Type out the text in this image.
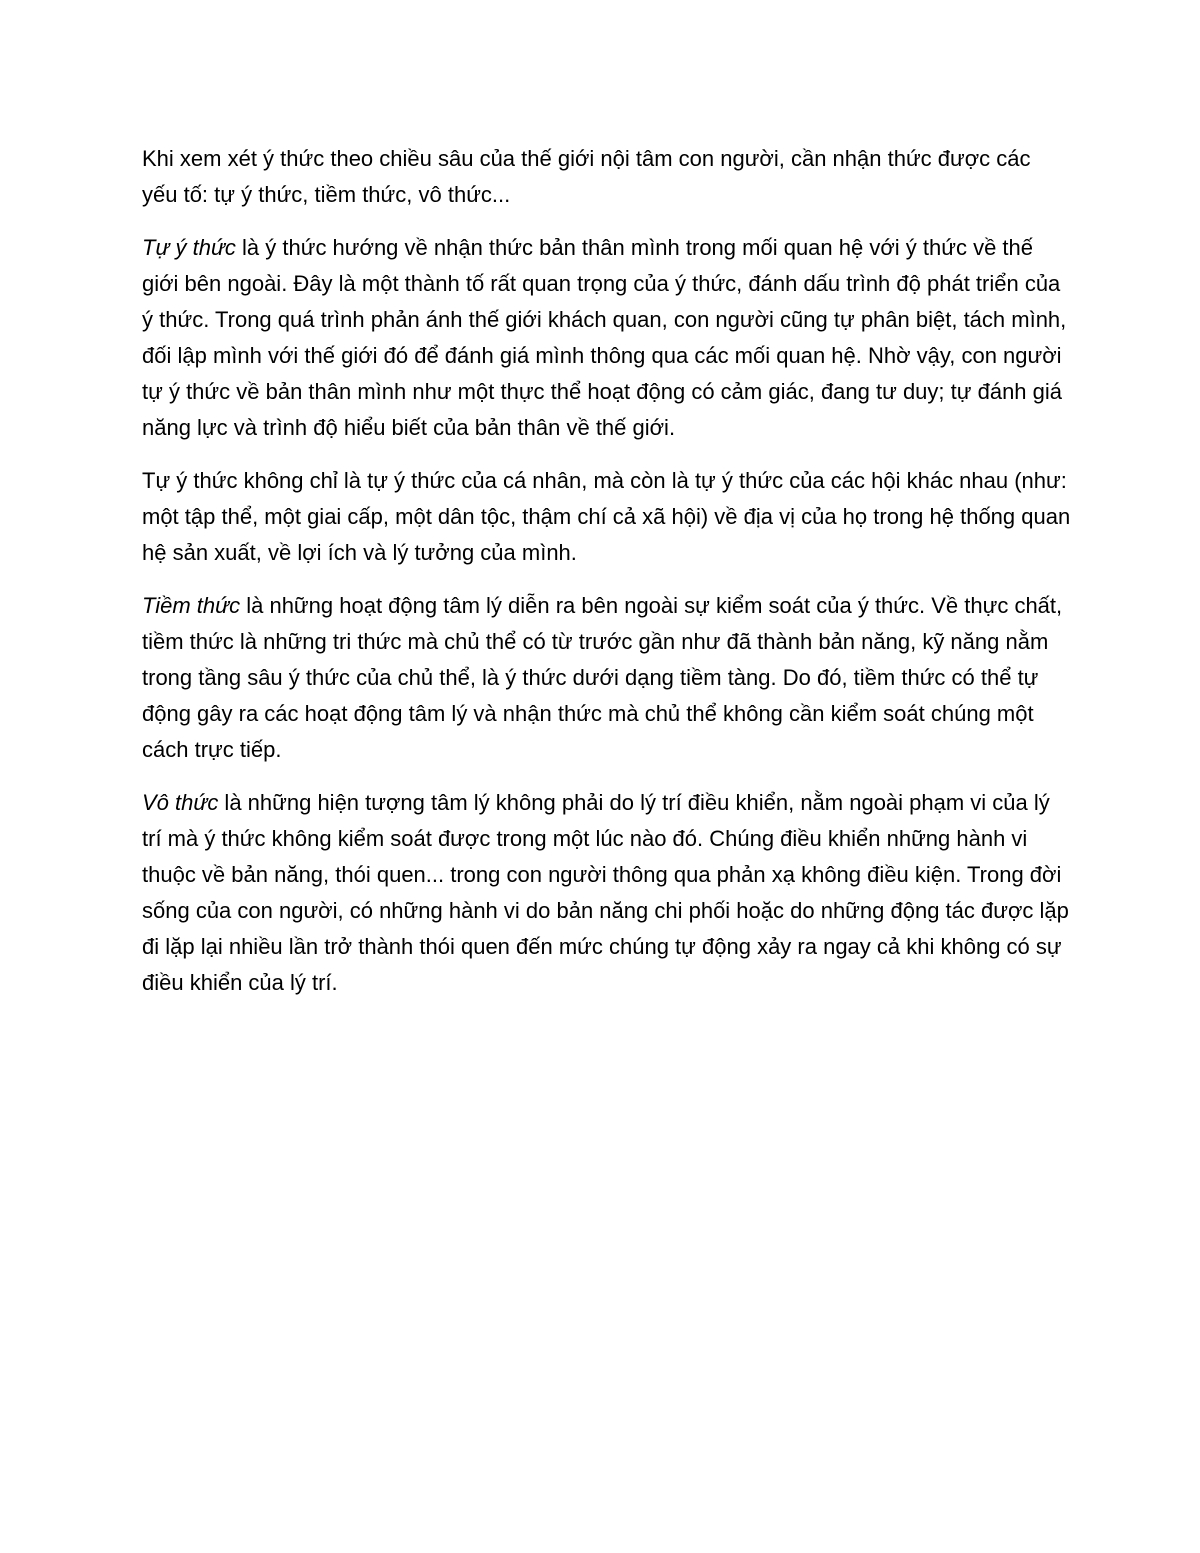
Khi xem xét ý thức theo chiều sâu của thế giới nội tâm con người, cần nhận thức được các yếu tố: tự ý thức, tiềm thức, vô thức...

Tự ý thức là ý thức hướng về nhận thức bản thân mình trong mối quan hệ với ý thức về thế giới bên ngoài. Đây là một thành tố rất quan trọng của ý thức, đánh dấu trình độ phát triển của ý thức. Trong quá trình phản ánh thế giới khách quan, con người cũng tự phân biệt, tách mình, đối lập mình với thế giới đó để đánh giá mình thông qua các mối quan hệ. Nhờ vậy, con người tự ý thức về bản thân mình như một thực thể hoạt động có cảm giác, đang tư duy; tự đánh giá năng lực và trình độ hiểu biết của bản thân về thế giới.

Tự ý thức không chỉ là tự ý thức của cá nhân, mà còn là tự ý thức của các hội khác nhau (như: một tập thể, một giai cấp, một dân tộc, thậm chí cả xã hội) về địa vị của họ trong hệ thống quan hệ sản xuất, về lợi ích và lý tưởng của mình.

Tiềm thức là những hoạt động tâm lý diễn ra bên ngoài sự kiểm soát của ý thức. Về thực chất, tiềm thức là những tri thức mà chủ thể có từ trước gần như đã thành bản năng, kỹ năng nằm trong tầng sâu ý thức của chủ thể, là ý thức dưới dạng tiềm tàng. Do đó, tiềm thức có thể tự động gây ra các hoạt động tâm lý và nhận thức mà chủ thể không cần kiểm soát chúng một cách trực tiếp.

Vô thức là những hiện tượng tâm lý không phải do lý trí điều khiển, nằm ngoài phạm vi của lý trí mà ý thức không kiểm soát được trong một lúc nào đó. Chúng điều khiển những hành vi thuộc về bản năng, thói quen... trong con người thông qua phản xạ không điều kiện. Trong đời sống của con người, có những hành vi do bản năng chi phối hoặc do những động tác được lặp đi lặp lại nhiều lần trở thành thói quen đến mức chúng tự động xảy ra ngay cả khi không có sự điều khiển của lý trí.
